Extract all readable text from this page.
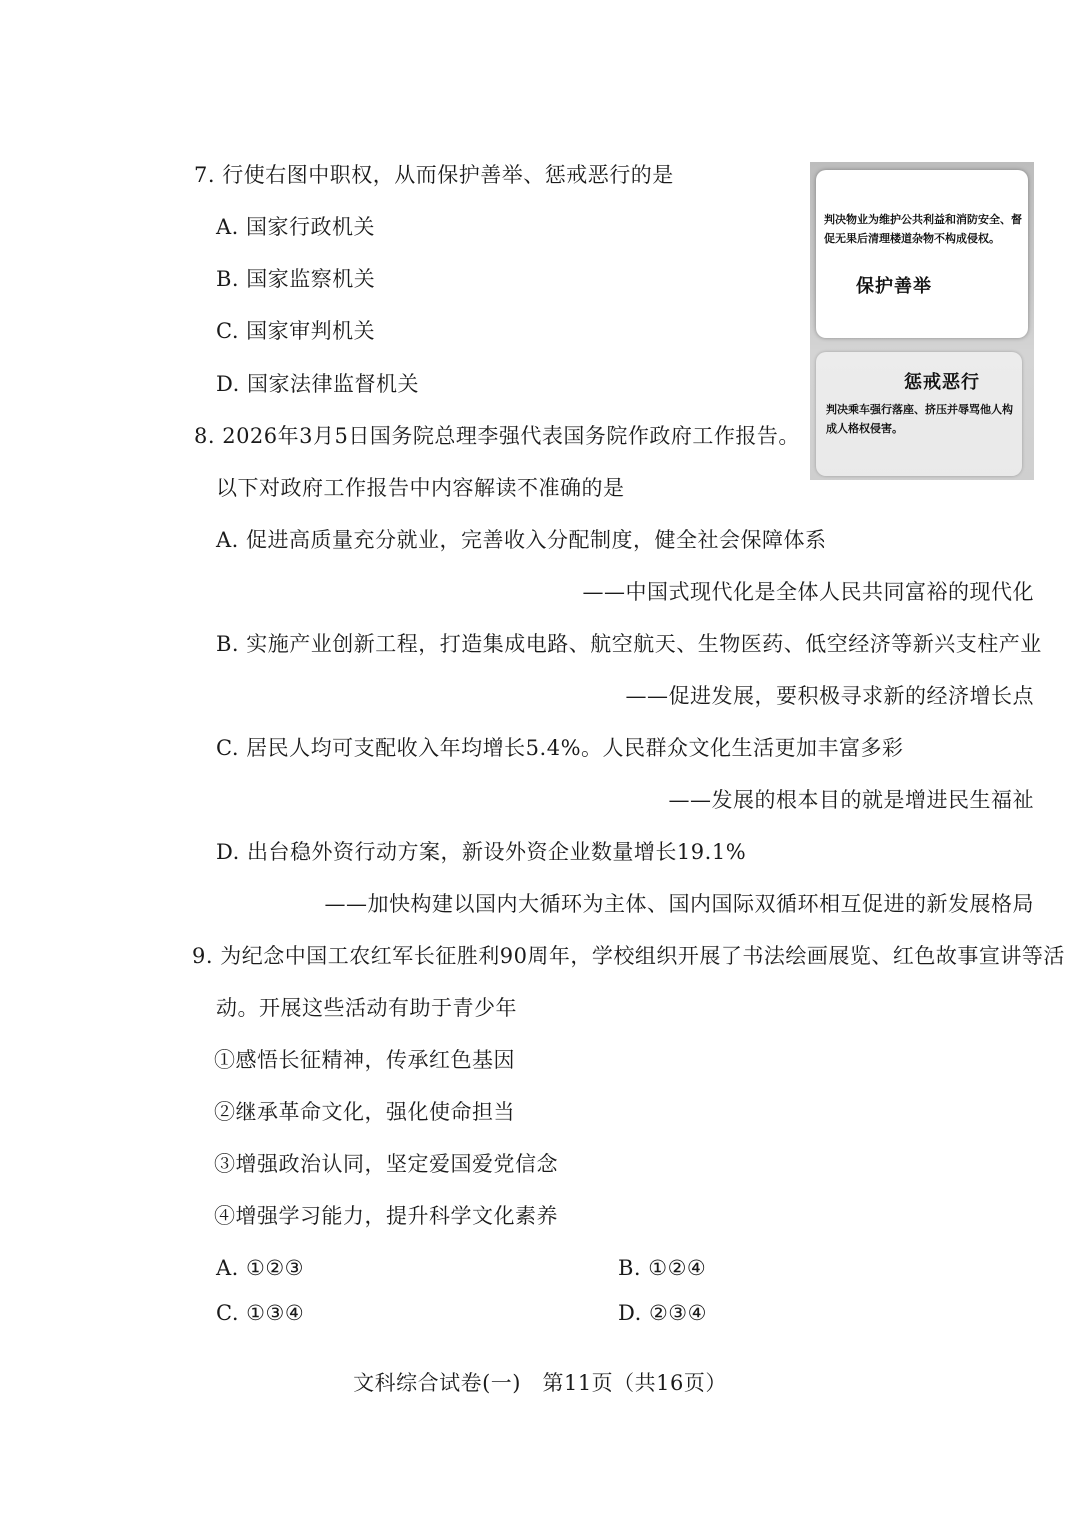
7. 行使右图中职权，从而保护善举、惩戒恶行的是
A. 国家行政机关
B. 国家监察机关
C. 国家审判机关
D. 国家法律监督机关
判决物业为维护公共利益和消防安全、督促无果后清理楼道杂物不构成侵权。
保护善举
惩戒恶行
判决乘车强行落座、挤压并辱骂他人构成人格权侵害。
8. 2026年3月5日国务院总理李强代表国务院作政府工作报告。
以下对政府工作报告中内容解读不准确的是
A. 促进高质量充分就业，完善收入分配制度，健全社会保障体系
——中国式现代化是全体人民共同富裕的现代化
B. 实施产业创新工程，打造集成电路、航空航天、生物医药、低空经济等新兴支柱产业
——促进发展，要积极寻求新的经济增长点
C. 居民人均可支配收入年均增长5.4%。人民群众文化生活更加丰富多彩
——发展的根本目的就是增进民生福祉
D. 出台稳外资行动方案，新设外资企业数量增长19.1%
——加快构建以国内大循环为主体、国内国际双循环相互促进的新发展格局
9. 为纪念中国工农红军长征胜利90周年，学校组织开展了书法绘画展览、红色故事宣讲等活
动。开展这些活动有助于青少年
①感悟长征精神，传承红色基因
②继承革命文化，强化使命担当
③增强政治认同，坚定爱国爱党信念
④增强学习能力，提升科学文化素养
A. ①②③	B. ①②④
C. ①③④	D. ②③④
文科综合试卷(一)　第11页（共16页）
